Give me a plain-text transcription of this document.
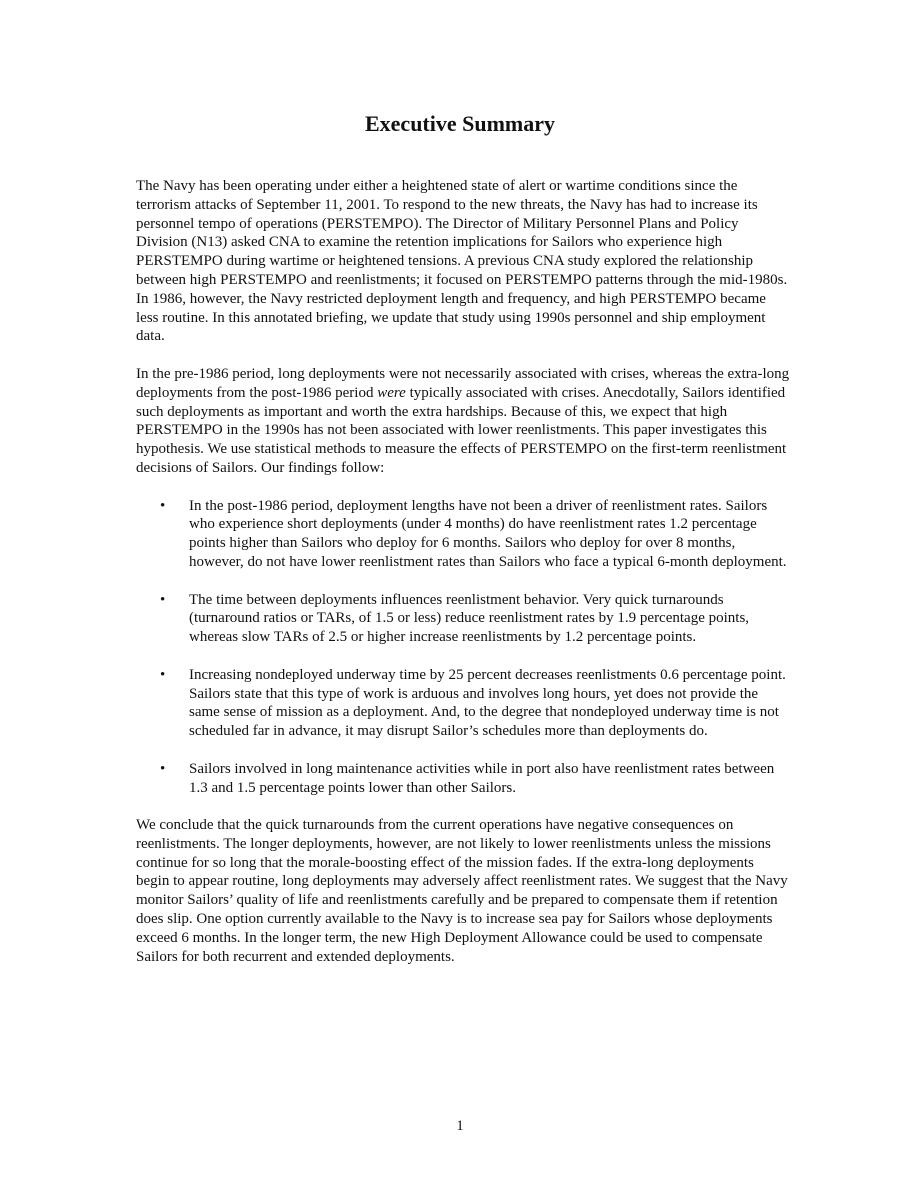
Executive Summary

The Navy has been operating under either a heightened state of alert or wartime conditions since the terrorism attacks of September 11, 2001. To respond to the new threats, the Navy has had to increase its personnel tempo of operations (PERSTEMPO). The Director of Military Personnel Plans and Policy Division (N13) asked CNA to examine the retention implications for Sailors who experience high PERSTEMPO during wartime or heightened tensions. A previous CNA study explored the relationship between high PERSTEMPO and reenlistments; it focused on PERSTEMPO patterns through the mid-1980s. In 1986, however, the Navy restricted deployment length and frequency, and high PERSTEMPO became less routine. In this annotated briefing, we update that study using 1990s personnel and ship employment data.

In the pre-1986 period, long deployments were not necessarily associated with crises, whereas the extra-long deployments from the post-1986 period were typically associated with crises. Anecdotally, Sailors identified such deployments as important and worth the extra hardships. Because of this, we expect that high PERSTEMPO in the 1990s has not been associated with lower reenlistments. This paper investigates this hypothesis. We use statistical methods to measure the effects of PERSTEMPO on the first-term reenlistment decisions of Sailors. Our findings follow:

• In the post-1986 period, deployment lengths have not been a driver of reenlistment rates. Sailors who experience short deployments (under 4 months) do have reenlistment rates 1.2 percentage points higher than Sailors who deploy for 6 months. Sailors who deploy for over 8 months, however, do not have lower reenlistment rates than Sailors who face a typical 6-month deployment.
• The time between deployments influences reenlistment behavior. Very quick turnarounds (turnaround ratios or TARs, of 1.5 or less) reduce reenlistment rates by 1.9 percentage points, whereas slow TARs of 2.5 or higher increase reenlistments by 1.2 percentage points.
• Increasing nondeployed underway time by 25 percent decreases reenlistments 0.6 percentage point. Sailors state that this type of work is arduous and involves long hours, yet does not provide the same sense of mission as a deployment. And, to the degree that nondeployed underway time is not scheduled far in advance, it may disrupt Sailor’s schedules more than deployments do.
• Sailors involved in long maintenance activities while in port also have reenlistment rates between 1.3 and 1.5 percentage points lower than other Sailors.

We conclude that the quick turnarounds from the current operations have negative consequences on reenlistments. The longer deployments, however, are not likely to lower reenlistments unless the missions continue for so long that the morale-boosting effect of the mission fades. If the extra-long deployments begin to appear routine, long deployments may adversely affect reenlistment rates. We suggest that the Navy monitor Sailors’ quality of life and reenlistments carefully and be prepared to compensate them if retention does slip. One option currently available to the Navy is to increase sea pay for Sailors whose deployments exceed 6 months. In the longer term, the new High Deployment Allowance could be used to compensate Sailors for both recurrent and extended deployments.

1
